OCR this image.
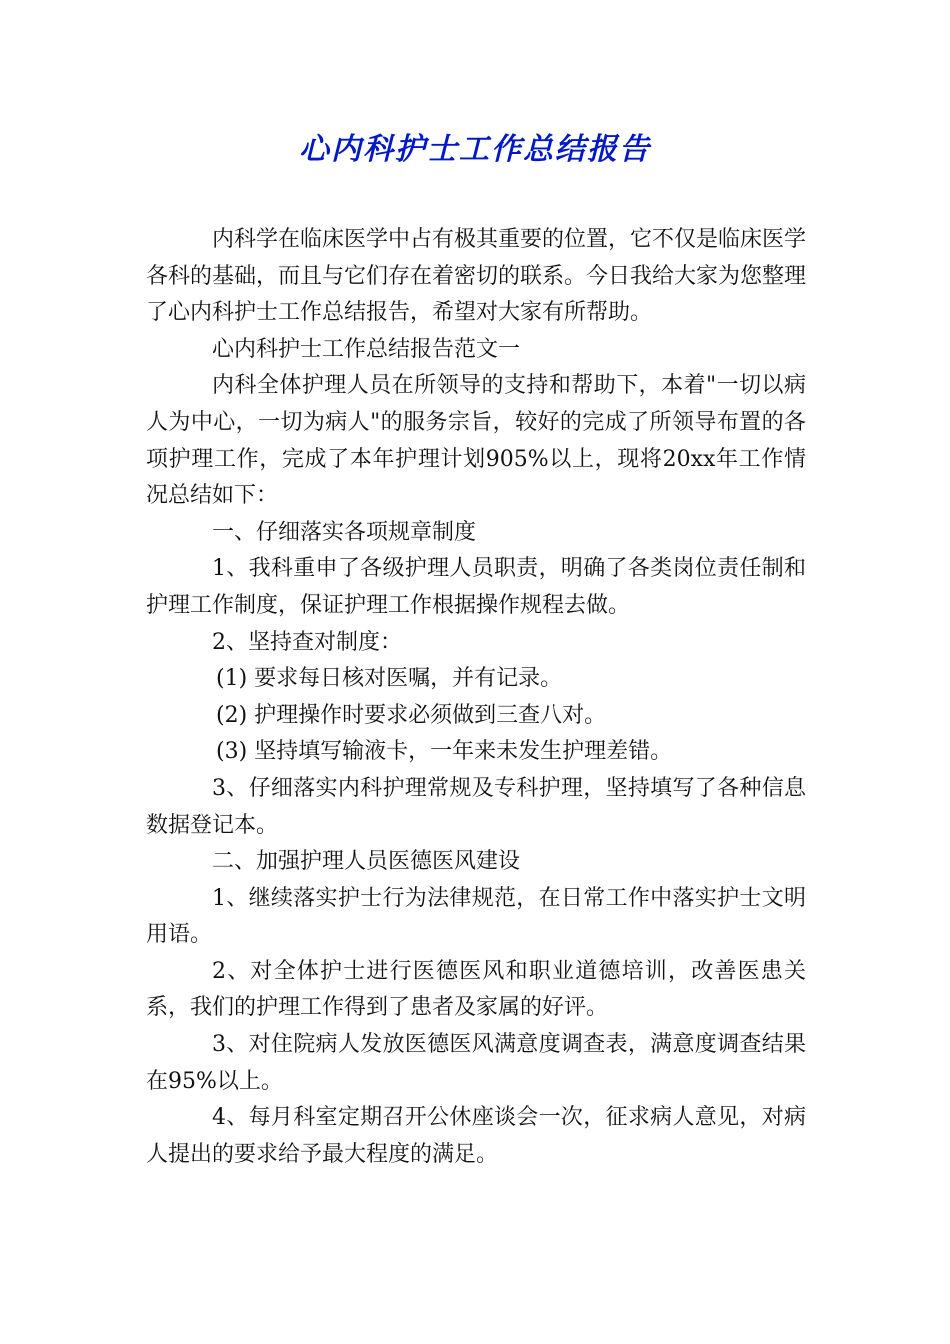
心内科护士工作总结报告

内科学在临床医学中占有极其重要的位置，它不仅是临床医学各科的基础，而且与它们存在着密切的联系。今日我给大家为您整理了心内科护士工作总结报告，希望对大家有所帮助。

心内科护士工作总结报告范文一

内科全体护理人员在所领导的支持和帮助下，本着"一切以病人为中心，一切为病人"的服务宗旨，较好的完成了所领导布置的各项护理工作，完成了本年护理计划905%以上，现将20xx年工作情况总结如下：

一、仔细落实各项规章制度

1、我科重申了各级护理人员职责，明确了各类岗位责任制和护理工作制度，保证护理工作根据操作规程去做。

2、坚持查对制度：

(1) 要求每日核对医嘱，并有记录。

(2) 护理操作时要求必须做到三查八对。

(3) 坚持填写输液卡，一年来未发生护理差错。

3、仔细落实内科护理常规及专科护理，坚持填写了各种信息数据登记本。

二、加强护理人员医德医风建设

1、继续落实护士行为法律规范，在日常工作中落实护士文明用语。

2、对全体护士进行医德医风和职业道德培训，改善医患关系，我们的护理工作得到了患者及家属的好评。

3、对住院病人发放医德医风满意度调查表，满意度调查结果在95%以上。

4、每月科室定期召开公休座谈会一次，征求病人意见，对病人提出的要求给予最大程度的满足。
